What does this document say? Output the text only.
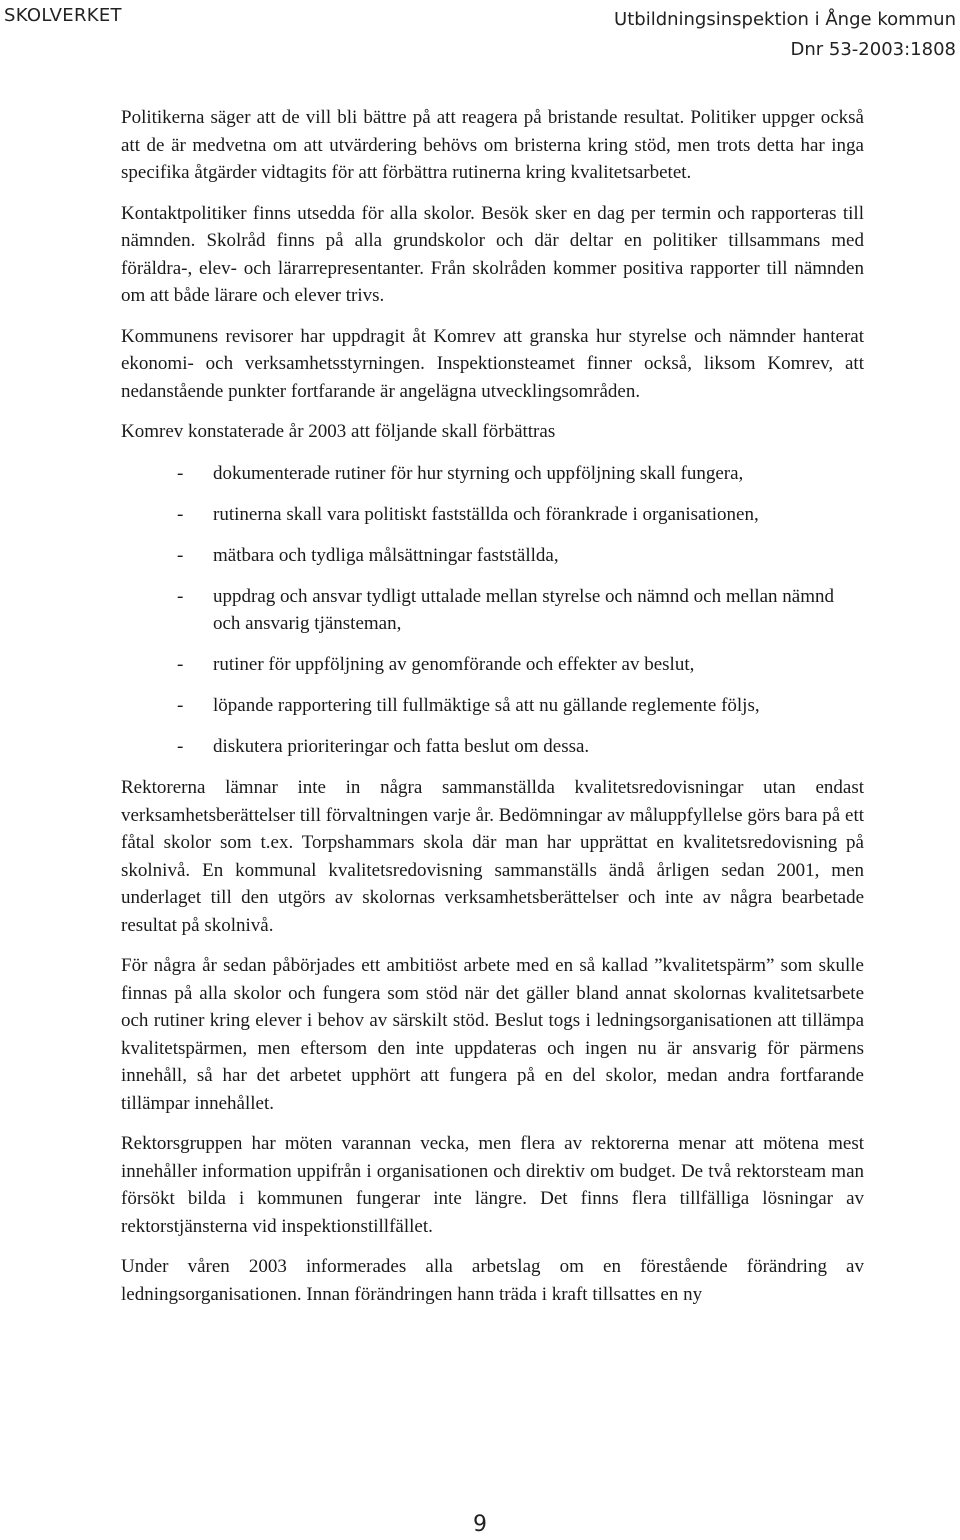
SKOLVERKET	Utbildningsinspektion i Ånge kommun
Dnr 53-2003:1808

Politikerna säger att de vill bli bättre på att reagera på bristande resultat. Politiker uppger också att de är medvetna om att utvärdering behövs om bristerna kring stöd, men trots detta har inga specifika åtgärder vidtagits för att förbättra rutinerna kring kvalitetsarbetet.

Kontaktpolitiker finns utsedda för alla skolor. Besök sker en dag per termin och rapporteras till nämnden. Skolråd finns på alla grundskolor och där deltar en politiker tillsammans med föräldra-, elev- och lärarrepresentanter. Från skolråden kommer positiva rapporter till nämnden om att både lärare och elever trivs.

Kommunens revisorer har uppdragit åt Komrev att granska hur styrelse och nämnder hanterat ekonomi- och verksamhetsstyrningen. Inspektionsteamet finner också, liksom Komrev, att nedanstående punkter fortfarande är angelägna utvecklingsområden.

Komrev konstaterade år 2003 att följande skall förbättras

- dokumenterade rutiner för hur styrning och uppföljning skall fungera,
- rutinerna skall vara politiskt fastställda och förankrade i organisationen,
- mätbara och tydliga målsättningar fastställda,
- uppdrag och ansvar tydligt uttalade mellan styrelse och nämnd och mellan nämnd och ansvarig tjänsteman,
- rutiner för uppföljning av genomförande och effekter av beslut,
- löpande rapportering till fullmäktige så att nu gällande reglemente följs,
- diskutera prioriteringar och fatta beslut om dessa.

Rektorerna lämnar inte in några sammanställda kvalitetsredovisningar utan endast verksamhetsberättelser till förvaltningen varje år. Bedömningar av måluppfyllelse görs bara på ett fåtal skolor som t.ex. Torpshammars skola där man har upprättat en kvalitetsredovisning på skolnivå. En kommunal kvalitetsredovisning sammanställs ändå årligen sedan 2001, men underlaget till den utgörs av skolornas verksamhetsberättelser och inte av några bearbetade resultat på skolnivå.

För några år sedan påbörjades ett ambitiöst arbete med en så kallad ”kvalitetspärm” som skulle finnas på alla skolor och fungera som stöd när det gäller bland annat skolornas kvalitetsarbete och rutiner kring elever i behov av särskilt stöd. Beslut togs i ledningsorganisationen att tillämpa kvalitetspärmen, men eftersom den inte uppdateras och ingen nu är ansvarig för pärmens innehåll, så har det arbetet upphört att fungera på en del skolor, medan andra fortfarande tillämpar innehållet.

Rektorsgruppen har möten varannan vecka, men flera av rektorerna menar att mötena mest innehåller information uppifrån i organisationen och direktiv om budget. De två rektorsteam man försökt bilda i kommunen fungerar inte längre. Det finns flera tillfälliga lösningar av rektorstjänsterna vid inspektionstillfället.

Under våren 2003 informerades alla arbetslag om en förestående förändring av ledningsorganisationen. Innan förändringen hann träda i kraft tillsattes en ny

9
